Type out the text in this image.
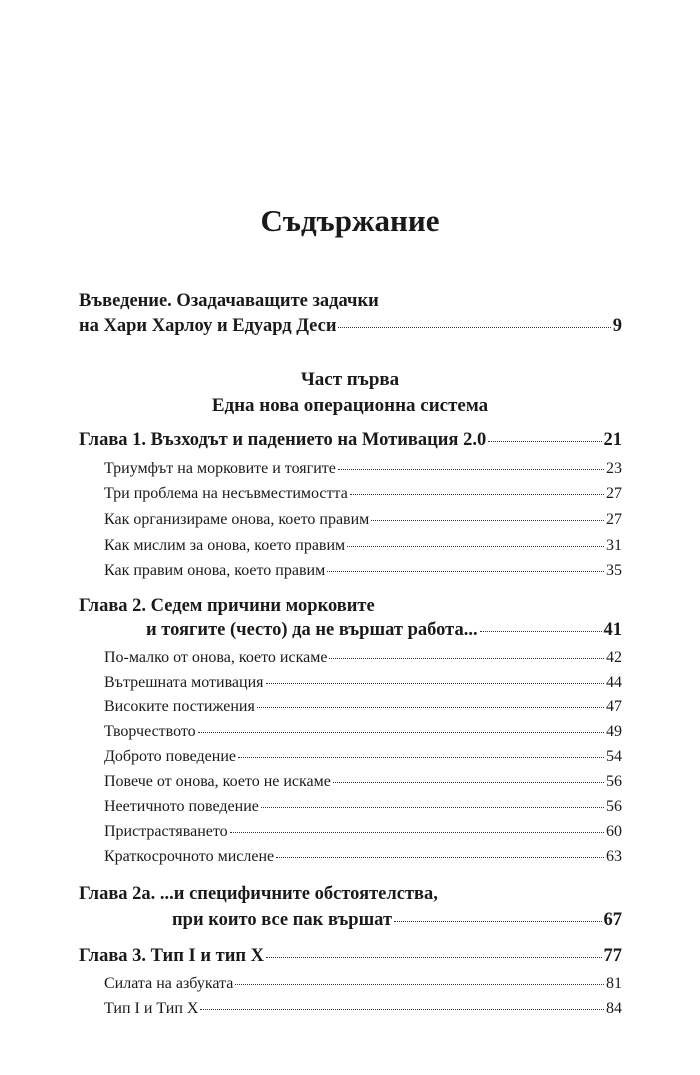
Съдържание
Въведение. Озадачаващите задачки
на Хари Харлоу и Едуард Деси	9
Част първа
Една нова операционна система
Глава 1. Възходът и падението на Мотивация 2.0	21
Триумфът на морковите и тоягите	23
Три проблема на несъвместимостта	27
Как организираме онова, което правим	27
Как мислим за онова, което правим	31
Как правим онова, което правим	35
Глава 2. Седем причини морковите
и тоягите (често) да не вършат работа...	41
По-малко от онова, което искаме	42
Вътрешната мотивация	44
Високите постижения	47
Творчеството	49
Доброто поведение	54
Повече от онова, което не искаме	56
Неетичното поведение	56
Пристрастяването	60
Краткосрочното мислене	63
Глава 2а. ...и специфичните обстоятелства,
при които все пак вършат	67
Глава 3. Тип I и тип X	77
Силата на азбуката	81
Тип I и Тип X	84
